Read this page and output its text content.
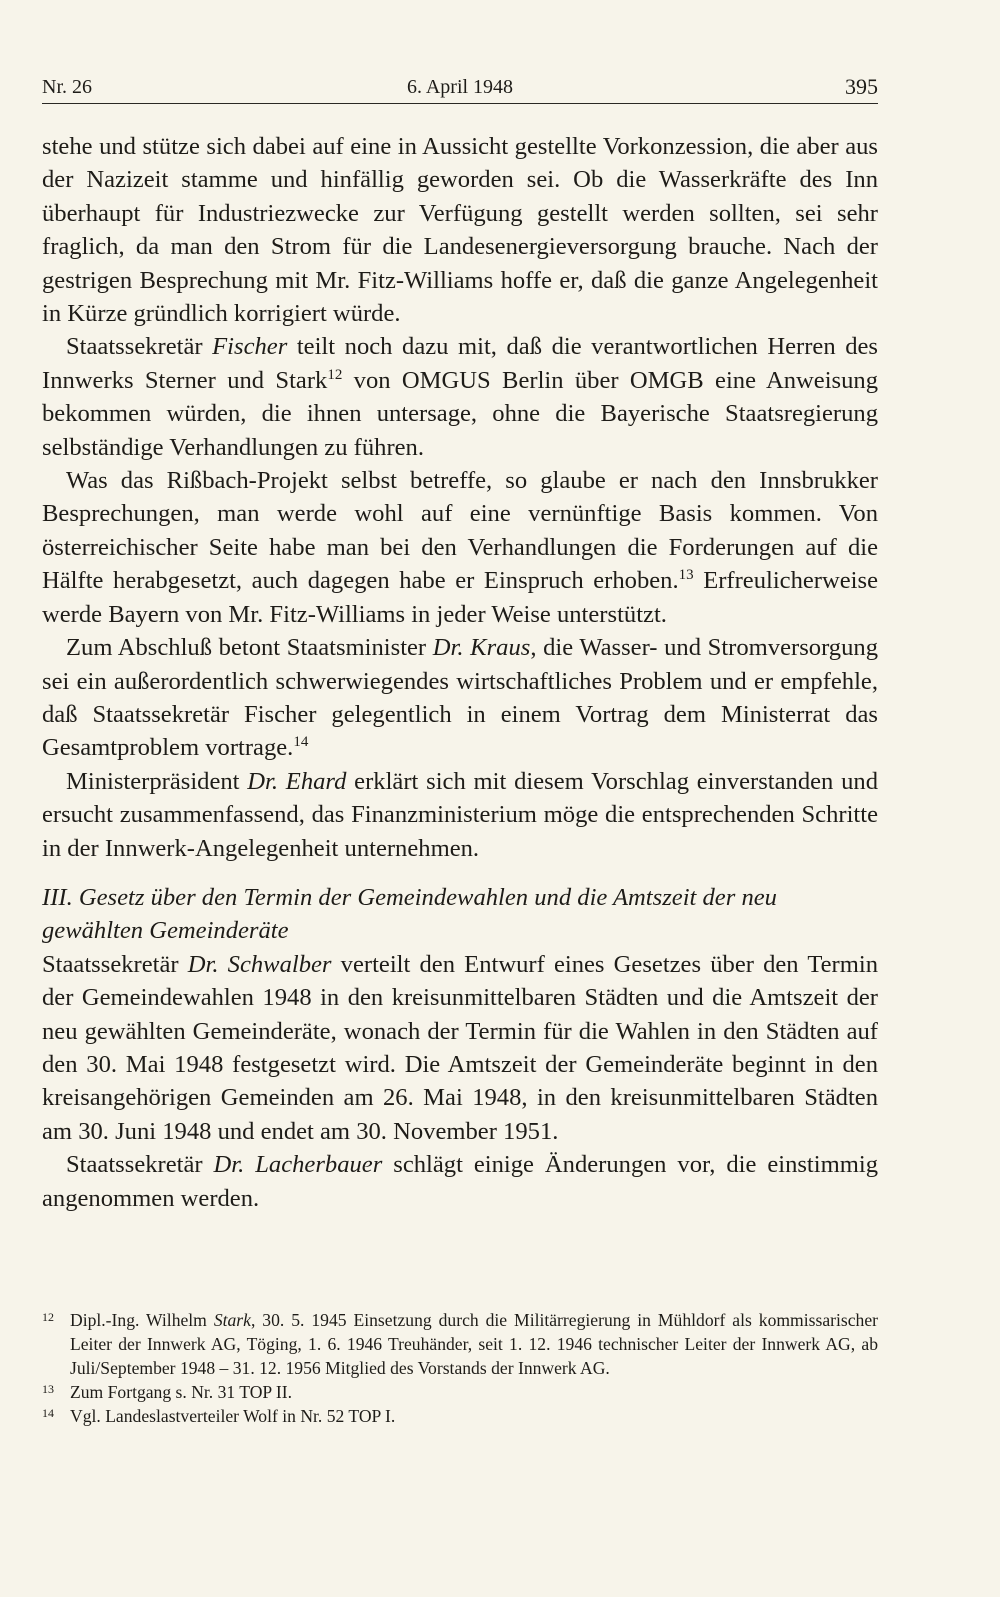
Nr. 26	6. April 1948	395

stehe und stütze sich dabei auf eine in Aussicht gestellte Vorkonzession, die aber aus der Nazizeit stamme und hinfällig geworden sei. Ob die Wasserkräfte des Inn überhaupt für Industriezwecke zur Verfügung gestellt werden sollten, sei sehr fraglich, da man den Strom für die Landesenergieversorgung brauche. Nach der gestrigen Besprechung mit Mr. Fitz-Williams hoffe er, daß die ganze Angelegenheit in Kürze gründlich korrigiert würde.

Staatssekretär Fischer teilt noch dazu mit, daß die verantwortlichen Herren des Innwerks Sterner und Stark$^{12}$ von OMGUS Berlin über OMGB eine Anweisung bekommen würden, die ihnen untersage, ohne die Bayerische Staatsregierung selbständige Verhandlungen zu führen.

Was das Rißbach-Projekt selbst betreffe, so glaube er nach den Innsbrukker Besprechungen, man werde wohl auf eine vernünftige Basis kommen. Von österreichischer Seite habe man bei den Verhandlungen die Forderungen auf die Hälfte herabgesetzt, auch dagegen habe er Einspruch erhoben.$^{13}$ Erfreulicherweise werde Bayern von Mr. Fitz-Williams in jeder Weise unterstützt.

Zum Abschluß betont Staatsminister Dr. Kraus, die Wasser- und Stromversorgung sei ein außerordentlich schwerwiegendes wirtschaftliches Problem und er empfehle, daß Staatssekretär Fischer gelegentlich in einem Vortrag dem Ministerrat das Gesamtproblem vortrage.$^{14}$

Ministerpräsident Dr. Ehard erklärt sich mit diesem Vorschlag einverstanden und ersucht zusammenfassend, das Finanzministerium möge die entsprechenden Schritte in der Innwerk-Angelegenheit unternehmen.

III. Gesetz über den Termin der Gemeindewahlen und die Amtszeit der neu gewählten Gemeinderäte

Staatssekretär Dr. Schwalber verteilt den Entwurf eines Gesetzes über den Termin der Gemeindewahlen 1948 in den kreisunmittelbaren Städten und die Amtszeit der neu gewählten Gemeinderäte, wonach der Termin für die Wahlen in den Städten auf den 30. Mai 1948 festgesetzt wird. Die Amtszeit der Gemeinderäte beginnt in den kreisangehörigen Gemeinden am 26. Mai 1948, in den kreisunmittelbaren Städten am 30. Juni 1948 und endet am 30. November 1951.

Staatssekretär Dr. Lacherbauer schlägt einige Änderungen vor, die einstimmig angenommen werden.

12 Dipl.-Ing. Wilhelm Stark, 30. 5. 1945 Einsetzung durch die Militärregierung in Mühldorf als kommissarischer Leiter der Innwerk AG, Töging, 1. 6. 1946 Treuhänder, seit 1. 12. 1946 technischer Leiter der Innwerk AG, ab Juli/September 1948 – 31. 12. 1956 Mitglied des Vorstands der Innwerk AG.
13 Zum Fortgang s. Nr. 31 TOP II.
14 Vgl. Landeslastverteiler Wolf in Nr. 52 TOP I.
